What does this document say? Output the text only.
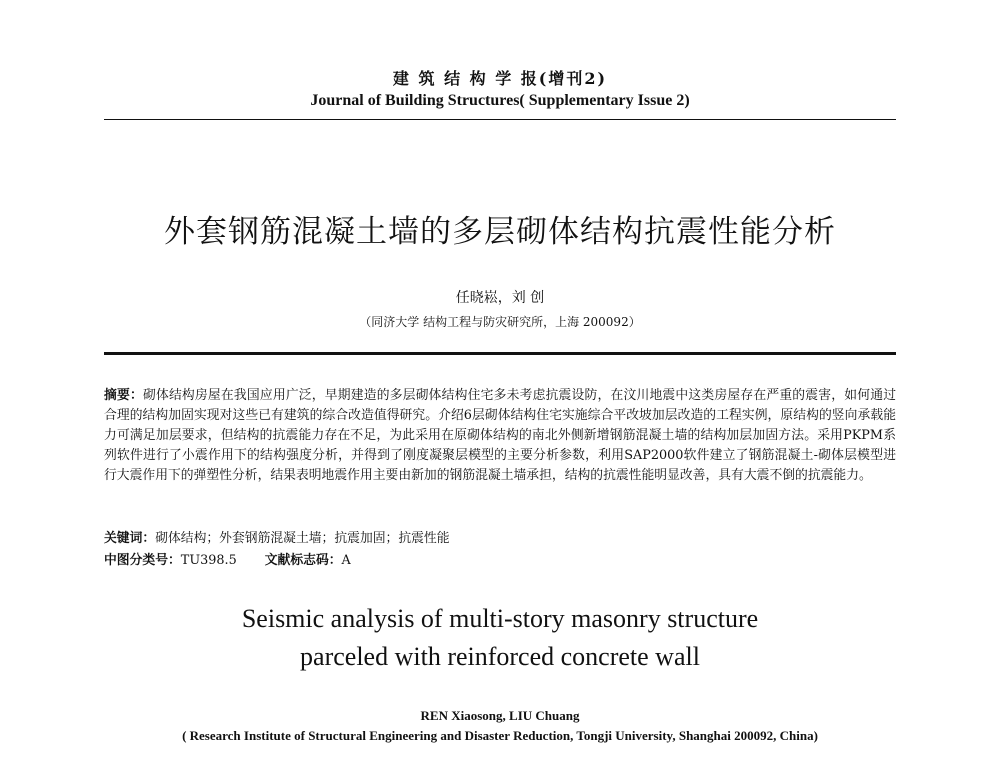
建 筑 结 构 学 报(增刊2)
Journal of Building Structures( Supplementary Issue 2)
外套钢筋混凝土墙的多层砌体结构抗震性能分析
任晓崧，刘 创
（同济大学 结构工程与防灾研究所，上海 200092）
摘要：砌体结构房屋在我国应用广泛，早期建造的多层砌体结构住宅多未考虑抗震设防，在汶川地震中这类房屋存在严重的震害，如何通过合理的结构加固实现对这些已有建筑的综合改造值得研究。介绍6层砌体结构住宅实施综合平改坡加层改造的工程实例，原结构的竖向承载能力可满足加层要求，但结构的抗震能力存在不足，为此采用在原砌体结构的南北外侧新增钢筋混凝土墙的结构加层加固方法。采用PKPM系列软件进行了小震作用下的结构强度分析，并得到了刚度凝聚层模型的主要分析参数，利用SAP2000软件建立了钢筋混凝土-砌体层模型进行大震作用下的弹塑性分析，结果表明地震作用主要由新加的钢筋混凝土墙承担，结构的抗震性能明显改善，具有大震不倒的抗震能力。
关键词：砌体结构；外套钢筋混凝土墙；抗震加固；抗震性能
中图分类号：TU398.5 文献标志码：A
Seismic analysis of multi-story masonry structure
parceled with reinforced concrete wall
REN Xiaosong, LIU Chuang
( Research Institute of Structural Engineering and Disaster Reduction, Tongji University, Shanghai 200092, China)
